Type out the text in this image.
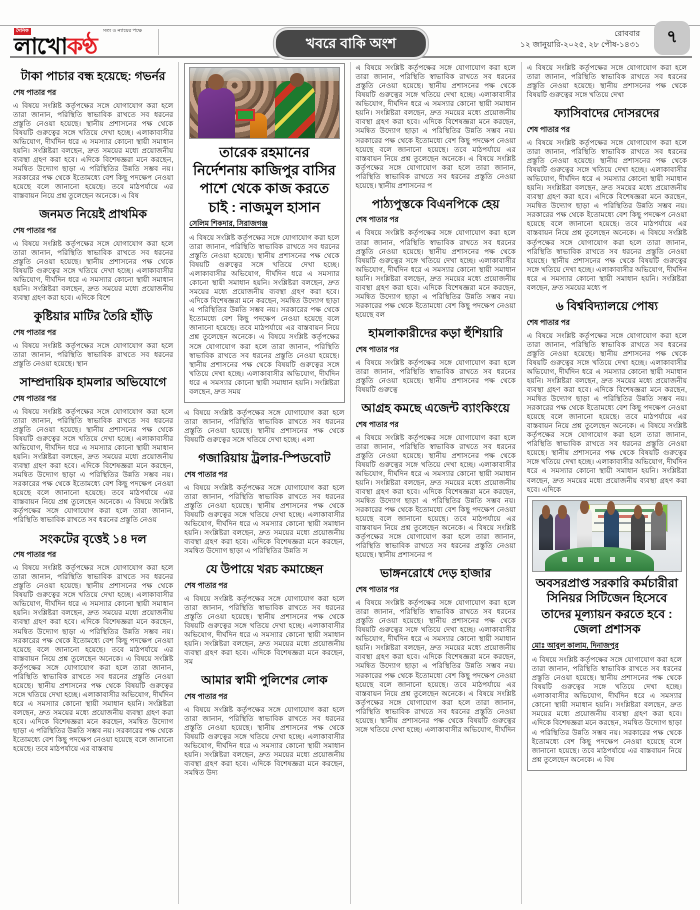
দৈনিক	সত্য ও ন্যায়ের পক্ষে
লাখোকণ্ঠ	খবরে বাকি অংশ
রোববার
১২ জানুয়ারি-২০২৫, ২৮ পৌষ-১৪৩১	৭
টাকা পাচার বন্ধ হয়েছে: গভর্নর
শেষ পাতার পর
এ বিষয়ে সংশ্লিষ্ট কর্তৃপক্ষের সঙ্গে যোগাযোগ করা হলে তারা জানান, পরিস্থিতি স্বাভাবিক রাখতে সব ধরনের প্রস্তুতি নেওয়া হয়েছে। স্থানীয় প্রশাসনের পক্ষ থেকে বিষয়টি গুরুত্বের সঙ্গে খতিয়ে দেখা হচ্ছে। এলাকাবাসীর অভিযোগ, দীর্ঘদিন ধরে এ সমস্যার কোনো স্থায়ী সমাধান হয়নি। সংশ্লিষ্টরা বলছেন, দ্রুত সময়ের মধ্যে প্রয়োজনীয় ব্যবস্থা গ্রহণ করা হবে। এদিকে বিশেষজ্ঞরা মনে করছেন, সমন্বিত উদ্যোগ ছাড়া এ পরিস্থিতির উন্নতি সম্ভব নয়। সরকারের পক্ষ থেকে ইতোমধ্যে বেশ কিছু পদক্ষেপ নেওয়া হয়েছে বলে জানানো হয়েছে। তবে মাঠপর্যায়ে এর বাস্তবায়ন নিয়ে প্রশ্ন তুলেছেন অনেকে। এ বিষ
জনমত নিয়েই প্রাথমিক
শেষ পাতার পর
এ বিষয়ে সংশ্লিষ্ট কর্তৃপক্ষের সঙ্গে যোগাযোগ করা হলে তারা জানান, পরিস্থিতি স্বাভাবিক রাখতে সব ধরনের প্রস্তুতি নেওয়া হয়েছে। স্থানীয় প্রশাসনের পক্ষ থেকে বিষয়টি গুরুত্বের সঙ্গে খতিয়ে দেখা হচ্ছে। এলাকাবাসীর অভিযোগ, দীর্ঘদিন ধরে এ সমস্যার কোনো স্থায়ী সমাধান হয়নি। সংশ্লিষ্টরা বলছেন, দ্রুত সময়ের মধ্যে প্রয়োজনীয় ব্যবস্থা গ্রহণ করা হবে। এদিকে বিশে
কুষ্টিয়ার মাটির তৈরি হাঁড়ি
শেষ পাতার পর
এ বিষয়ে সংশ্লিষ্ট কর্তৃপক্ষের সঙ্গে যোগাযোগ করা হলে তারা জানান, পরিস্থিতি স্বাভাবিক রাখতে সব ধরনের প্রস্তুতি নেওয়া হয়েছে। স্থান
সাম্প্রদায়িক হামলার অভিযোগে
শেষ পাতার পর
এ বিষয়ে সংশ্লিষ্ট কর্তৃপক্ষের সঙ্গে যোগাযোগ করা হলে তারা জানান, পরিস্থিতি স্বাভাবিক রাখতে সব ধরনের প্রস্তুতি নেওয়া হয়েছে। স্থানীয় প্রশাসনের পক্ষ থেকে বিষয়টি গুরুত্বের সঙ্গে খতিয়ে দেখা হচ্ছে। এলাকাবাসীর অভিযোগ, দীর্ঘদিন ধরে এ সমস্যার কোনো স্থায়ী সমাধান হয়নি। সংশ্লিষ্টরা বলছেন, দ্রুত সময়ের মধ্যে প্রয়োজনীয় ব্যবস্থা গ্রহণ করা হবে। এদিকে বিশেষজ্ঞরা মনে করছেন, সমন্বিত উদ্যোগ ছাড়া এ পরিস্থিতির উন্নতি সম্ভব নয়। সরকারের পক্ষ থেকে ইতোমধ্যে বেশ কিছু পদক্ষেপ নেওয়া হয়েছে বলে জানানো হয়েছে। তবে মাঠপর্যায়ে এর বাস্তবায়ন নিয়ে প্রশ্ন তুলেছেন অনেকে। এ বিষয়ে সংশ্লিষ্ট কর্তৃপক্ষের সঙ্গে যোগাযোগ করা হলে তারা জানান, পরিস্থিতি স্বাভাবিক রাখতে সব ধরনের প্রস্তুতি নেওয়
সংকটের বৃত্তেই ১৪ দল
শেষ পাতার পর
এ বিষয়ে সংশ্লিষ্ট কর্তৃপক্ষের সঙ্গে যোগাযোগ করা হলে তারা জানান, পরিস্থিতি স্বাভাবিক রাখতে সব ধরনের প্রস্তুতি নেওয়া হয়েছে। স্থানীয় প্রশাসনের পক্ষ থেকে বিষয়টি গুরুত্বের সঙ্গে খতিয়ে দেখা হচ্ছে। এলাকাবাসীর অভিযোগ, দীর্ঘদিন ধরে এ সমস্যার কোনো স্থায়ী সমাধান হয়নি। সংশ্লিষ্টরা বলছেন, দ্রুত সময়ের মধ্যে প্রয়োজনীয় ব্যবস্থা গ্রহণ করা হবে। এদিকে বিশেষজ্ঞরা মনে করছেন, সমন্বিত উদ্যোগ ছাড়া এ পরিস্থিতির উন্নতি সম্ভব নয়। সরকারের পক্ষ থেকে ইতোমধ্যে বেশ কিছু পদক্ষেপ নেওয়া হয়েছে বলে জানানো হয়েছে। তবে মাঠপর্যায়ে এর বাস্তবায়ন নিয়ে প্রশ্ন তুলেছেন অনেকে। এ বিষয়ে সংশ্লিষ্ট কর্তৃপক্ষের সঙ্গে যোগাযোগ করা হলে তারা জানান, পরিস্থিতি স্বাভাবিক রাখতে সব ধরনের প্রস্তুতি নেওয়া হয়েছে। স্থানীয় প্রশাসনের পক্ষ থেকে বিষয়টি গুরুত্বের সঙ্গে খতিয়ে দেখা হচ্ছে। এলাকাবাসীর অভিযোগ, দীর্ঘদিন ধরে এ সমস্যার কোনো স্থায়ী সমাধান হয়নি। সংশ্লিষ্টরা বলছেন, দ্রুত সময়ের মধ্যে প্রয়োজনীয় ব্যবস্থা গ্রহণ করা হবে। এদিকে বিশেষজ্ঞরা মনে করছেন, সমন্বিত উদ্যোগ ছাড়া এ পরিস্থিতির উন্নতি সম্ভব নয়। সরকারের পক্ষ থেকে ইতোমধ্যে বেশ কিছু পদক্ষেপ নেওয়া হয়েছে বলে জানানো হয়েছে। তবে মাঠপর্যায়ে এর বাস্তবায়
তারেক রহমানের নির্দেশনায় কাজিপুর বাসির পাশে থেকে কাজ করতে চাই : নাজমুল হাসান
সেলিম শিকদার, সিরাজগঞ্জ
এ বিষয়ে সংশ্লিষ্ট কর্তৃপক্ষের সঙ্গে যোগাযোগ করা হলে তারা জানান, পরিস্থিতি স্বাভাবিক রাখতে সব ধরনের প্রস্তুতি নেওয়া হয়েছে। স্থানীয় প্রশাসনের পক্ষ থেকে বিষয়টি গুরুত্বের সঙ্গে খতিয়ে দেখা হচ্ছে। এলাকাবাসীর অভিযোগ, দীর্ঘদিন ধরে এ সমস্যার কোনো স্থায়ী সমাধান হয়নি। সংশ্লিষ্টরা বলছেন, দ্রুত সময়ের মধ্যে প্রয়োজনীয় ব্যবস্থা গ্রহণ করা হবে। এদিকে বিশেষজ্ঞরা মনে করছেন, সমন্বিত উদ্যোগ ছাড়া এ পরিস্থিতির উন্নতি সম্ভব নয়। সরকারের পক্ষ থেকে ইতোমধ্যে বেশ কিছু পদক্ষেপ নেওয়া হয়েছে বলে জানানো হয়েছে। তবে মাঠপর্যায়ে এর বাস্তবায়ন নিয়ে প্রশ্ন তুলেছেন অনেকে। এ বিষয়ে সংশ্লিষ্ট কর্তৃপক্ষের সঙ্গে যোগাযোগ করা হলে তারা জানান, পরিস্থিতি স্বাভাবিক রাখতে সব ধরনের প্রস্তুতি নেওয়া হয়েছে। স্থানীয় প্রশাসনের পক্ষ থেকে বিষয়টি গুরুত্বের সঙ্গে খতিয়ে দেখা হচ্ছে। এলাকাবাসীর অভিযোগ, দীর্ঘদিন ধরে এ সমস্যার কোনো স্থায়ী সমাধান হয়নি। সংশ্লিষ্টরা বলছেন, দ্রুত সময়
এ বিষয়ে সংশ্লিষ্ট কর্তৃপক্ষের সঙ্গে যোগাযোগ করা হলে তারা জানান, পরিস্থিতি স্বাভাবিক রাখতে সব ধরনের প্রস্তুতি নেওয়া হয়েছে। স্থানীয় প্রশাসনের পক্ষ থেকে বিষয়টি গুরুত্বের সঙ্গে খতিয়ে দেখা হচ্ছে। এলা
গজারিয়ায় ট্রলার-স্পিডবোট
শেষ পাতার পর
এ বিষয়ে সংশ্লিষ্ট কর্তৃপক্ষের সঙ্গে যোগাযোগ করা হলে তারা জানান, পরিস্থিতি স্বাভাবিক রাখতে সব ধরনের প্রস্তুতি নেওয়া হয়েছে। স্থানীয় প্রশাসনের পক্ষ থেকে বিষয়টি গুরুত্বের সঙ্গে খতিয়ে দেখা হচ্ছে। এলাকাবাসীর অভিযোগ, দীর্ঘদিন ধরে এ সমস্যার কোনো স্থায়ী সমাধান হয়নি। সংশ্লিষ্টরা বলছেন, দ্রুত সময়ের মধ্যে প্রয়োজনীয় ব্যবস্থা গ্রহণ করা হবে। এদিকে বিশেষজ্ঞরা মনে করছেন, সমন্বিত উদ্যোগ ছাড়া এ পরিস্থিতির উন্নতি স
যে উপায়ে খরচ কমাচ্ছেন
শেষ পাতার পর
এ বিষয়ে সংশ্লিষ্ট কর্তৃপক্ষের সঙ্গে যোগাযোগ করা হলে তারা জানান, পরিস্থিতি স্বাভাবিক রাখতে সব ধরনের প্রস্তুতি নেওয়া হয়েছে। স্থানীয় প্রশাসনের পক্ষ থেকে বিষয়টি গুরুত্বের সঙ্গে খতিয়ে দেখা হচ্ছে। এলাকাবাসীর অভিযোগ, দীর্ঘদিন ধরে এ সমস্যার কোনো স্থায়ী সমাধান হয়নি। সংশ্লিষ্টরা বলছেন, দ্রুত সময়ের মধ্যে প্রয়োজনীয় ব্যবস্থা গ্রহণ করা হবে। এদিকে বিশেষজ্ঞরা মনে করছেন, সম
আমার স্বামী পুলিশের লোক
শেষ পাতার পর
এ বিষয়ে সংশ্লিষ্ট কর্তৃপক্ষের সঙ্গে যোগাযোগ করা হলে তারা জানান, পরিস্থিতি স্বাভাবিক রাখতে সব ধরনের প্রস্তুতি নেওয়া হয়েছে। স্থানীয় প্রশাসনের পক্ষ থেকে বিষয়টি গুরুত্বের সঙ্গে খতিয়ে দেখা হচ্ছে। এলাকাবাসীর অভিযোগ, দীর্ঘদিন ধরে এ সমস্যার কোনো স্থায়ী সমাধান হয়নি। সংশ্লিষ্টরা বলছেন, দ্রুত সময়ের মধ্যে প্রয়োজনীয় ব্যবস্থা গ্রহণ করা হবে। এদিকে বিশেষজ্ঞরা মনে করছেন, সমন্বিত উদ্য
এ বিষয়ে সংশ্লিষ্ট কর্তৃপক্ষের সঙ্গে যোগাযোগ করা হলে তারা জানান, পরিস্থিতি স্বাভাবিক রাখতে সব ধরনের প্রস্তুতি নেওয়া হয়েছে। স্থানীয় প্রশাসনের পক্ষ থেকে বিষয়টি গুরুত্বের সঙ্গে খতিয়ে দেখা হচ্ছে। এলাকাবাসীর অভিযোগ, দীর্ঘদিন ধরে এ সমস্যার কোনো স্থায়ী সমাধান হয়নি। সংশ্লিষ্টরা বলছেন, দ্রুত সময়ের মধ্যে প্রয়োজনীয় ব্যবস্থা গ্রহণ করা হবে। এদিকে বিশেষজ্ঞরা মনে করছেন, সমন্বিত উদ্যোগ ছাড়া এ পরিস্থিতির উন্নতি সম্ভব নয়। সরকারের পক্ষ থেকে ইতোমধ্যে বেশ কিছু পদক্ষেপ নেওয়া হয়েছে বলে জানানো হয়েছে। তবে মাঠপর্যায়ে এর বাস্তবায়ন নিয়ে প্রশ্ন তুলেছেন অনেকে। এ বিষয়ে সংশ্লিষ্ট কর্তৃপক্ষের সঙ্গে যোগাযোগ করা হলে তারা জানান, পরিস্থিতি স্বাভাবিক রাখতে সব ধরনের প্রস্তুতি নেওয়া হয়েছে। স্থানীয় প্রশাসনের প
পাঠ্যপুস্তকে বিএনপিকে হেয়
শেষ পাতার পর
এ বিষয়ে সংশ্লিষ্ট কর্তৃপক্ষের সঙ্গে যোগাযোগ করা হলে তারা জানান, পরিস্থিতি স্বাভাবিক রাখতে সব ধরনের প্রস্তুতি নেওয়া হয়েছে। স্থানীয় প্রশাসনের পক্ষ থেকে বিষয়টি গুরুত্বের সঙ্গে খতিয়ে দেখা হচ্ছে। এলাকাবাসীর অভিযোগ, দীর্ঘদিন ধরে এ সমস্যার কোনো স্থায়ী সমাধান হয়নি। সংশ্লিষ্টরা বলছেন, দ্রুত সময়ের মধ্যে প্রয়োজনীয় ব্যবস্থা গ্রহণ করা হবে। এদিকে বিশেষজ্ঞরা মনে করছেন, সমন্বিত উদ্যোগ ছাড়া এ পরিস্থিতির উন্নতি সম্ভব নয়। সরকারের পক্ষ থেকে ইতোমধ্যে বেশ কিছু পদক্ষেপ নেওয়া হয়েছে বল
হামলাকারীদের কড়া হুঁশিয়ারি
শেষ পাতার পর
এ বিষয়ে সংশ্লিষ্ট কর্তৃপক্ষের সঙ্গে যোগাযোগ করা হলে তারা জানান, পরিস্থিতি স্বাভাবিক রাখতে সব ধরনের প্রস্তুতি নেওয়া হয়েছে। স্থানীয় প্রশাসনের পক্ষ থেকে বিষয়টি গুরুত্বে
আগ্রহ কমছে এজেন্ট ব্যাংকিংয়ে
শেষ পাতার পর
এ বিষয়ে সংশ্লিষ্ট কর্তৃপক্ষের সঙ্গে যোগাযোগ করা হলে তারা জানান, পরিস্থিতি স্বাভাবিক রাখতে সব ধরনের প্রস্তুতি নেওয়া হয়েছে। স্থানীয় প্রশাসনের পক্ষ থেকে বিষয়টি গুরুত্বের সঙ্গে খতিয়ে দেখা হচ্ছে। এলাকাবাসীর অভিযোগ, দীর্ঘদিন ধরে এ সমস্যার কোনো স্থায়ী সমাধান হয়নি। সংশ্লিষ্টরা বলছেন, দ্রুত সময়ের মধ্যে প্রয়োজনীয় ব্যবস্থা গ্রহণ করা হবে। এদিকে বিশেষজ্ঞরা মনে করছেন, সমন্বিত উদ্যোগ ছাড়া এ পরিস্থিতির উন্নতি সম্ভব নয়। সরকারের পক্ষ থেকে ইতোমধ্যে বেশ কিছু পদক্ষেপ নেওয়া হয়েছে বলে জানানো হয়েছে। তবে মাঠপর্যায়ে এর বাস্তবায়ন নিয়ে প্রশ্ন তুলেছেন অনেকে। এ বিষয়ে সংশ্লিষ্ট কর্তৃপক্ষের সঙ্গে যোগাযোগ করা হলে তারা জানান, পরিস্থিতি স্বাভাবিক রাখতে সব ধরনের প্রস্তুতি নেওয়া হয়েছে। স্থানীয় প্রশাসনের প
ভাঙ্গনরোধে দেড় হাজার
শেষ পাতার পর
এ বিষয়ে সংশ্লিষ্ট কর্তৃপক্ষের সঙ্গে যোগাযোগ করা হলে তারা জানান, পরিস্থিতি স্বাভাবিক রাখতে সব ধরনের প্রস্তুতি নেওয়া হয়েছে। স্থানীয় প্রশাসনের পক্ষ থেকে বিষয়টি গুরুত্বের সঙ্গে খতিয়ে দেখা হচ্ছে। এলাকাবাসীর অভিযোগ, দীর্ঘদিন ধরে এ সমস্যার কোনো স্থায়ী সমাধান হয়নি। সংশ্লিষ্টরা বলছেন, দ্রুত সময়ের মধ্যে প্রয়োজনীয় ব্যবস্থা গ্রহণ করা হবে। এদিকে বিশেষজ্ঞরা মনে করছেন, সমন্বিত উদ্যোগ ছাড়া এ পরিস্থিতির উন্নতি সম্ভব নয়। সরকারের পক্ষ থেকে ইতোমধ্যে বেশ কিছু পদক্ষেপ নেওয়া হয়েছে বলে জানানো হয়েছে। তবে মাঠপর্যায়ে এর বাস্তবায়ন নিয়ে প্রশ্ন তুলেছেন অনেকে। এ বিষয়ে সংশ্লিষ্ট কর্তৃপক্ষের সঙ্গে যোগাযোগ করা হলে তারা জানান, পরিস্থিতি স্বাভাবিক রাখতে সব ধরনের প্রস্তুতি নেওয়া হয়েছে। স্থানীয় প্রশাসনের পক্ষ থেকে বিষয়টি গুরুত্বের সঙ্গে খতিয়ে দেখা হচ্ছে। এলাকাবাসীর অভিযোগ, দীর্ঘদিন
এ বিষয়ে সংশ্লিষ্ট কর্তৃপক্ষের সঙ্গে যোগাযোগ করা হলে তারা জানান, পরিস্থিতি স্বাভাবিক রাখতে সব ধরনের প্রস্তুতি নেওয়া হয়েছে। স্থানীয় প্রশাসনের পক্ষ থেকে বিষয়টি গুরুত্বের সঙ্গে খতিয়ে দেখা
ফ্যাসিবাদের দোসরদের
শেষ পাতার পর
এ বিষয়ে সংশ্লিষ্ট কর্তৃপক্ষের সঙ্গে যোগাযোগ করা হলে তারা জানান, পরিস্থিতি স্বাভাবিক রাখতে সব ধরনের প্রস্তুতি নেওয়া হয়েছে। স্থানীয় প্রশাসনের পক্ষ থেকে বিষয়টি গুরুত্বের সঙ্গে খতিয়ে দেখা হচ্ছে। এলাকাবাসীর অভিযোগ, দীর্ঘদিন ধরে এ সমস্যার কোনো স্থায়ী সমাধান হয়নি। সংশ্লিষ্টরা বলছেন, দ্রুত সময়ের মধ্যে প্রয়োজনীয় ব্যবস্থা গ্রহণ করা হবে। এদিকে বিশেষজ্ঞরা মনে করছেন, সমন্বিত উদ্যোগ ছাড়া এ পরিস্থিতির উন্নতি সম্ভব নয়। সরকারের পক্ষ থেকে ইতোমধ্যে বেশ কিছু পদক্ষেপ নেওয়া হয়েছে বলে জানানো হয়েছে। তবে মাঠপর্যায়ে এর বাস্তবায়ন নিয়ে প্রশ্ন তুলেছেন অনেকে। এ বিষয়ে সংশ্লিষ্ট কর্তৃপক্ষের সঙ্গে যোগাযোগ করা হলে তারা জানান, পরিস্থিতি স্বাভাবিক রাখতে সব ধরনের প্রস্তুতি নেওয়া হয়েছে। স্থানীয় প্রশাসনের পক্ষ থেকে বিষয়টি গুরুত্বের সঙ্গে খতিয়ে দেখা হচ্ছে। এলাকাবাসীর অভিযোগ, দীর্ঘদিন ধরে এ সমস্যার কোনো স্থায়ী সমাধান হয়নি। সংশ্লিষ্টরা বলছেন, দ্রুত সময়ের মধ্যে প
৬ বিশ্ববিদ্যালয়ে পোষ্য
শেষ পাতার পর
এ বিষয়ে সংশ্লিষ্ট কর্তৃপক্ষের সঙ্গে যোগাযোগ করা হলে তারা জানান, পরিস্থিতি স্বাভাবিক রাখতে সব ধরনের প্রস্তুতি নেওয়া হয়েছে। স্থানীয় প্রশাসনের পক্ষ থেকে বিষয়টি গুরুত্বের সঙ্গে খতিয়ে দেখা হচ্ছে। এলাকাবাসীর অভিযোগ, দীর্ঘদিন ধরে এ সমস্যার কোনো স্থায়ী সমাধান হয়নি। সংশ্লিষ্টরা বলছেন, দ্রুত সময়ের মধ্যে প্রয়োজনীয় ব্যবস্থা গ্রহণ করা হবে। এদিকে বিশেষজ্ঞরা মনে করছেন, সমন্বিত উদ্যোগ ছাড়া এ পরিস্থিতির উন্নতি সম্ভব নয়। সরকারের পক্ষ থেকে ইতোমধ্যে বেশ কিছু পদক্ষেপ নেওয়া হয়েছে বলে জানানো হয়েছে। তবে মাঠপর্যায়ে এর বাস্তবায়ন নিয়ে প্রশ্ন তুলেছেন অনেকে। এ বিষয়ে সংশ্লিষ্ট কর্তৃপক্ষের সঙ্গে যোগাযোগ করা হলে তারা জানান, পরিস্থিতি স্বাভাবিক রাখতে সব ধরনের প্রস্তুতি নেওয়া হয়েছে। স্থানীয় প্রশাসনের পক্ষ থেকে বিষয়টি গুরুত্বের সঙ্গে খতিয়ে দেখা হচ্ছে। এলাকাবাসীর অভিযোগ, দীর্ঘদিন ধরে এ সমস্যার কোনো স্থায়ী সমাধান হয়নি। সংশ্লিষ্টরা বলছেন, দ্রুত সময়ের মধ্যে প্রয়োজনীয় ব্যবস্থা গ্রহণ করা হবে। এদিকে
অবসরপ্রাপ্ত সরকারি কর্মচারীরা সিনিয়র সিটিজেন হিসেবে তাদের মূল্যায়ন করতে হবে : জেলা প্রশাসক
মোঃ আবুল কালাম, দিনাজপুর
এ বিষয়ে সংশ্লিষ্ট কর্তৃপক্ষের সঙ্গে যোগাযোগ করা হলে তারা জানান, পরিস্থিতি স্বাভাবিক রাখতে সব ধরনের প্রস্তুতি নেওয়া হয়েছে। স্থানীয় প্রশাসনের পক্ষ থেকে বিষয়টি গুরুত্বের সঙ্গে খতিয়ে দেখা হচ্ছে। এলাকাবাসীর অভিযোগ, দীর্ঘদিন ধরে এ সমস্যার কোনো স্থায়ী সমাধান হয়নি। সংশ্লিষ্টরা বলছেন, দ্রুত সময়ের মধ্যে প্রয়োজনীয় ব্যবস্থা গ্রহণ করা হবে। এদিকে বিশেষজ্ঞরা মনে করছেন, সমন্বিত উদ্যোগ ছাড়া এ পরিস্থিতির উন্নতি সম্ভব নয়। সরকারের পক্ষ থেকে ইতোমধ্যে বেশ কিছু পদক্ষেপ নেওয়া হয়েছে বলে জানানো হয়েছে। তবে মাঠপর্যায়ে এর বাস্তবায়ন নিয়ে প্রশ্ন তুলেছেন অনেকে। এ বিষ
